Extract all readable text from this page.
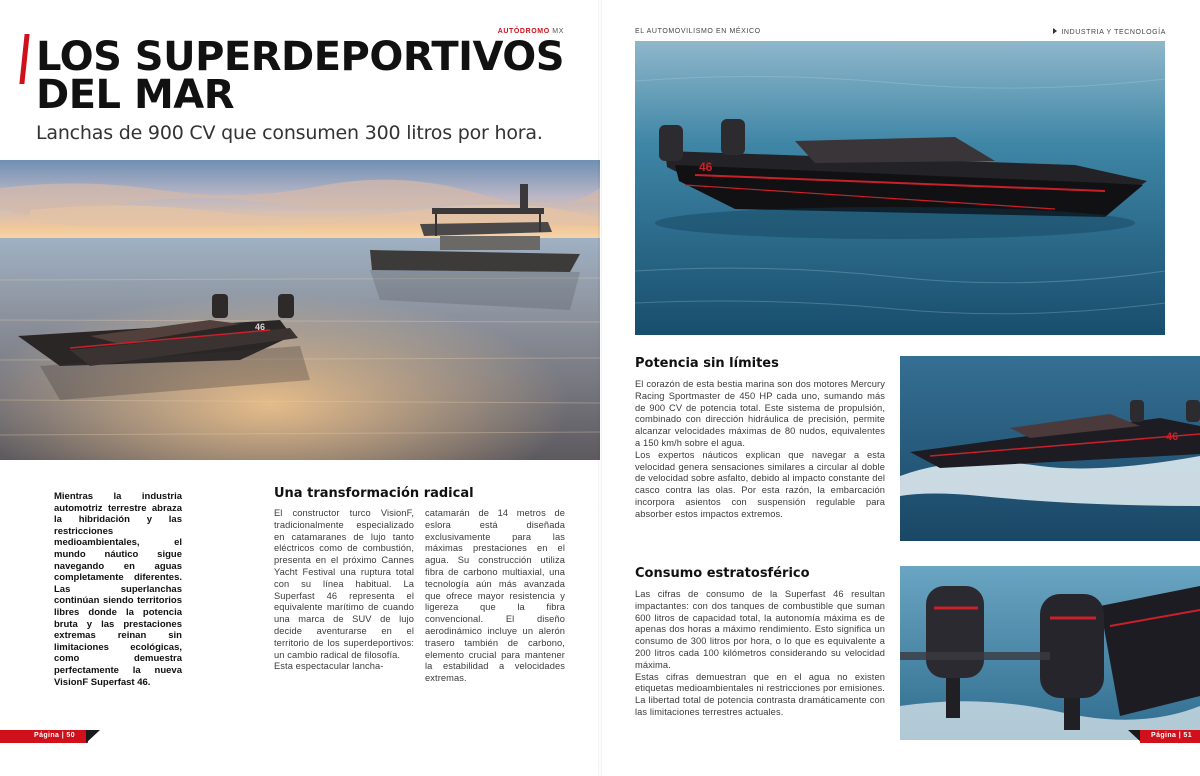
AUTÓDROMO MX
LOS SUPERDEPORTIVOS
DEL MAR
Lanchas de 900 CV que consumen 300 litros por hora.
46
Mientras la industria automotriz terrestre abraza la hibridación y las restricciones medioambientales, el mundo náutico sigue navegando en aguas completamente diferentes. Las superlanchas continúan siendo territorios libres donde la potencia bruta y las prestaciones extremas reinan sin limitaciones ecológicas, como demuestra perfectamente la nueva VisionF Superfast 46.
Una transformación radical

El constructor turco VisionF, tradicionalmente especializado en catamaranes de lujo tanto eléctricos como de combustión, presenta en el próximo Cannes Yacht Festival una ruptura total con su línea habitual. La Superfast 46 representa el equivalente marítimo de cuando una marca de SUV de lujo decide aventurarse en el territorio de los superdeportivos: un cambio radical de filosofía.

Esta espectacular lancha-

catamarán de 14 metros de eslora está diseñada exclusivamente para las máximas prestaciones en el agua. Su construcción utiliza fibra de carbono multiaxial, una tecnología aún más avanzada que ofrece mayor resistencia y ligereza que la fibra convencional. El diseño aerodinámico incluye un alerón trasero también de carbono, elemento crucial para mantener la estabilidad a velocidades extremas.

Página | 50
EL AUTOMOVILISMO EN MÉXICO	INDUSTRIA Y TECNOLOGÍA
46
Potencia sin límites

El corazón de esta bestia marina son dos motores Mercury Racing Sportmaster de 450 HP cada uno, sumando más de 900 CV de potencia total. Este sistema de propulsión, combinado con dirección hidráulica de precisión, permite alcanzar velocidades máximas de 80 nudos, equivalentes a 150 km/h sobre el agua.

Los expertos náuticos explican que navegar a esta velocidad genera sensaciones similares a circular al doble de velocidad sobre asfalto, debido al impacto constante del casco contra las olas. Por esta razón, la embarcación incorpora asientos con suspensión regulable para absorber estos impactos extremos.

46
Consumo estratosférico

Las cifras de consumo de la Superfast 46 resultan impactantes: con dos tanques de combustible que suman 600 litros de capacidad total, la autonomía máxima es de apenas dos horas a máximo rendimiento. Esto significa un consumo de 300 litros por hora, o lo que es equivalente a 200 litros cada 100 kilómetros considerando su velocidad máxima.

Estas cifras demuestran que en el agua no existen etiquetas medioambientales ni restricciones por emisiones. La libertad total de potencia contrasta dramáticamente con las limitaciones terrestres actuales.

Página | 51
